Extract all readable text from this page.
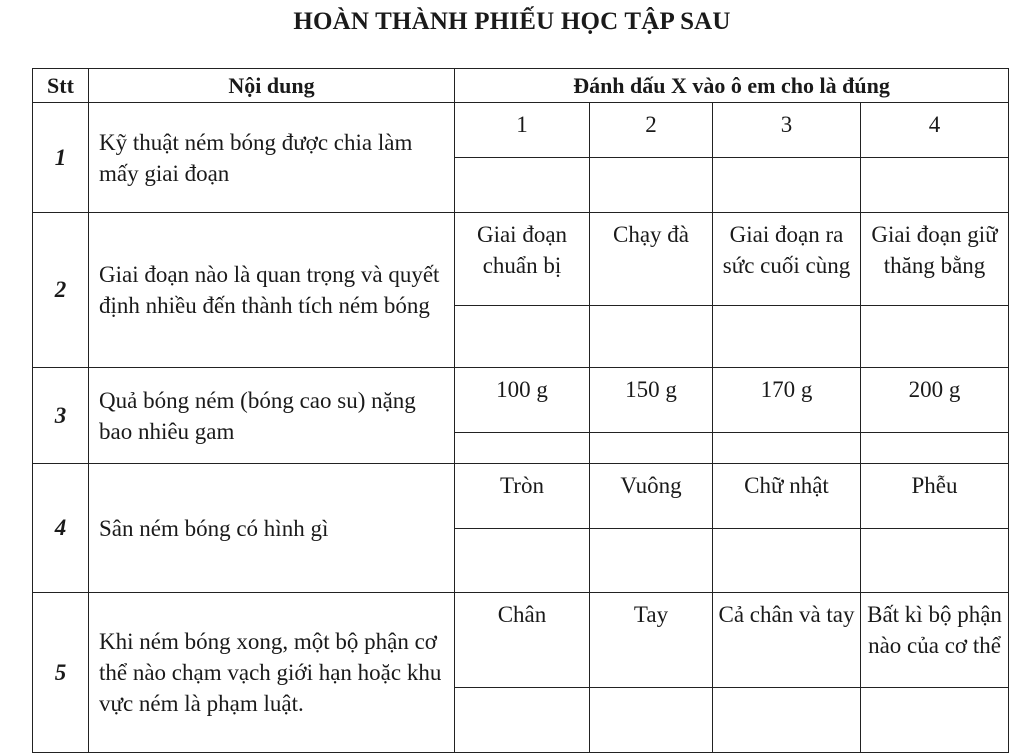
HOÀN THÀNH PHIẾU HỌC TẬP SAU
Stt	Nội dung	Đánh dấu X vào ô em cho là đúng			
1	Kỹ thuật ném bóng được chia làm mấy giai đoạn	1	2	3	4

2	Giai đoạn nào là quan trọng và quyết định nhiều đến thành tích ném bóng	Giai đoạn chuẩn bị	Chạy đà	Giai đoạn ra sức cuối cùng	Giai đoạn giữ thăng bằng

3	Quả bóng ném (bóng cao su) nặng bao nhiêu gam	100 g	150 g	170 g	200 g

4	Sân ném bóng có hình gì	Tròn	Vuông	Chữ nhật	Phễu

5	Khi ném bóng xong, một bộ phận cơ thể nào chạm vạch giới hạn hoặc khu vực ném là phạm luật.	Chân	Tay	Cả chân và tay	Bất kì bộ phận nào của cơ thể
